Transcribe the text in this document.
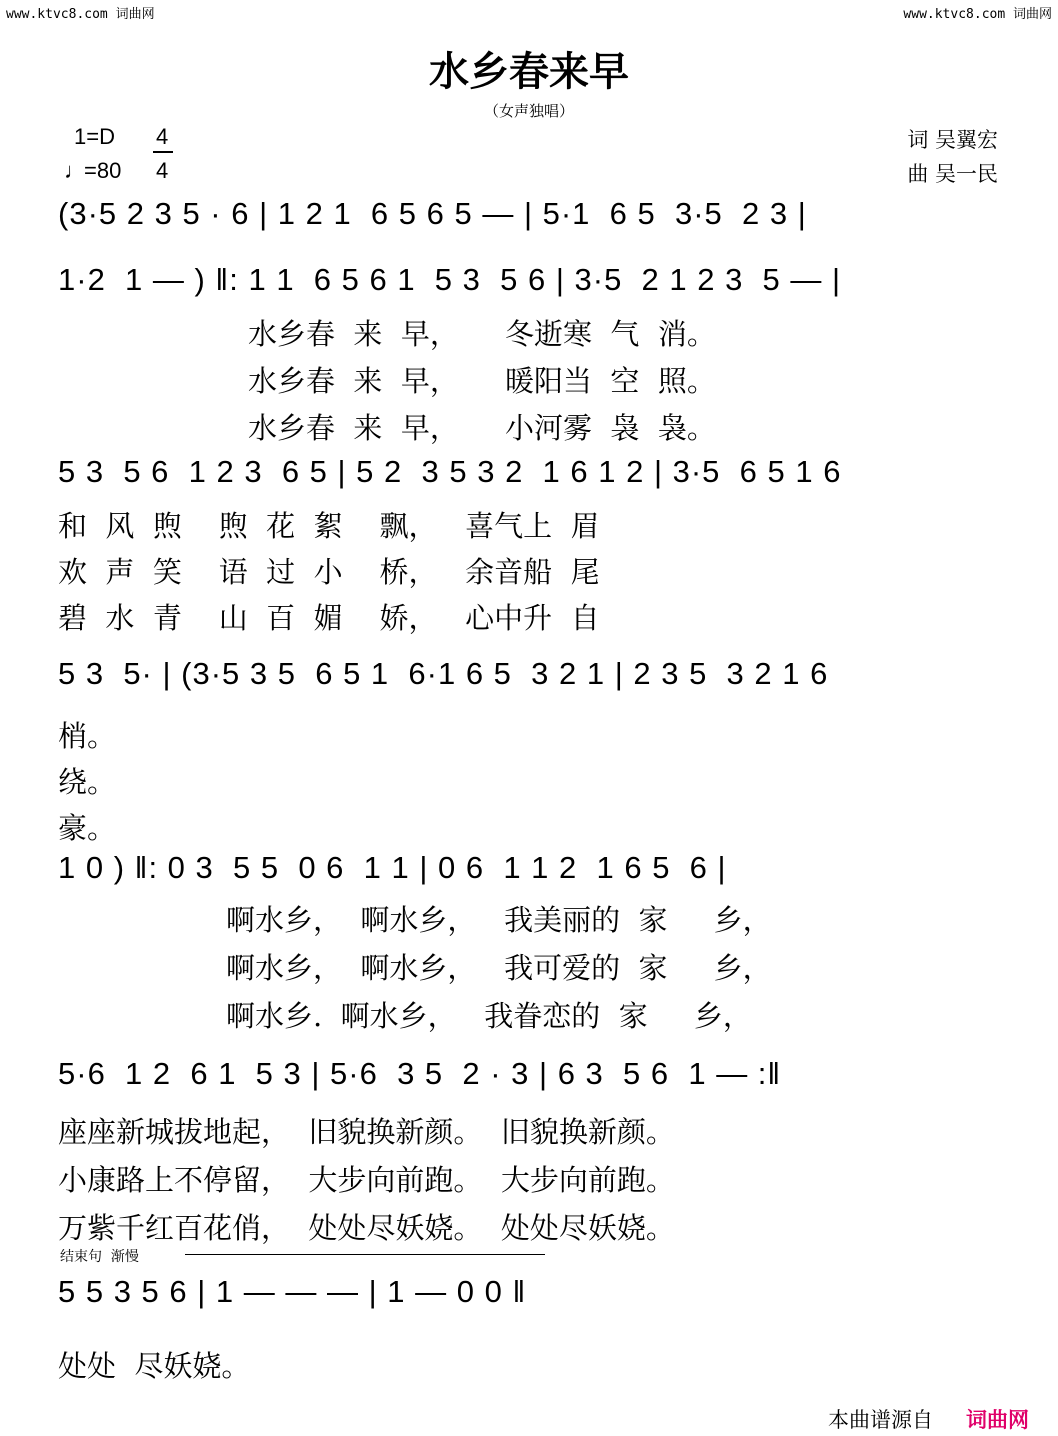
www.ktvc8.com 词曲网	www.ktvc8.com 词曲网
水乡春来早
（女声独唱）
1=D 4
4
♩
=80
词 吴翼宏
曲 吴一民
(3·5 2 3 5 · 6 | 1 2 1  6 5 6 5 — | 5·1  6 5  3·5  2 3 |
1·2  1 — ) ‖: 1 1  6 5 6 1  5 3  5 6 | 3·5  2 1 2 3  5 — |
水乡春  来  早，     冬逝寒  气  消。
水乡春  来  早，     暖阳当  空  照。
水乡春  来  早，     小河雾  袅  袅。
5 3  5 6  1 2 3  6 5 | 5 2  3 5 3 2  1 6 1 2 | 3·5  6 5 1 6
和  风  煦    煦  花  絮    飘，   喜气上  眉
欢  声  笑    语  过  小    桥，   余音船  尾
碧  水  青    山  百  媚    娇，   心中升  自
5 3  5· | (3·5 3 5  6 5 1  6·1 6 5  3 2 1 | 2 3 5  3 2 1 6
梢。
绕。
豪。
1 0 ) ‖: 0 3  5 5  0 6  1 1 | 0 6  1 1 2  1 6 5  6 |
啊水乡，  啊水乡，   我美丽的  家     乡，
啊水乡，  啊水乡，   我可爱的  家     乡，
啊水乡.  啊水乡，   我眷恋的  家     乡，
5·6  1 2  6 1  5 3 | 5·6  3 5  2 · 3 | 6 3  5 6  1 — :‖
座座新城拔地起，  旧貌换新颜。  旧貌换新颜。
小康路上不停留，  大步向前跑。  大步向前跑。
万紫千红百花俏，  处处尽妖娆。  处处尽妖娆。
结束句  渐慢
5 5 3 5 6 | 1 — — — | 1 — 0 0 ‖
处处  尽妖娆。
本曲谱源自 词曲网
